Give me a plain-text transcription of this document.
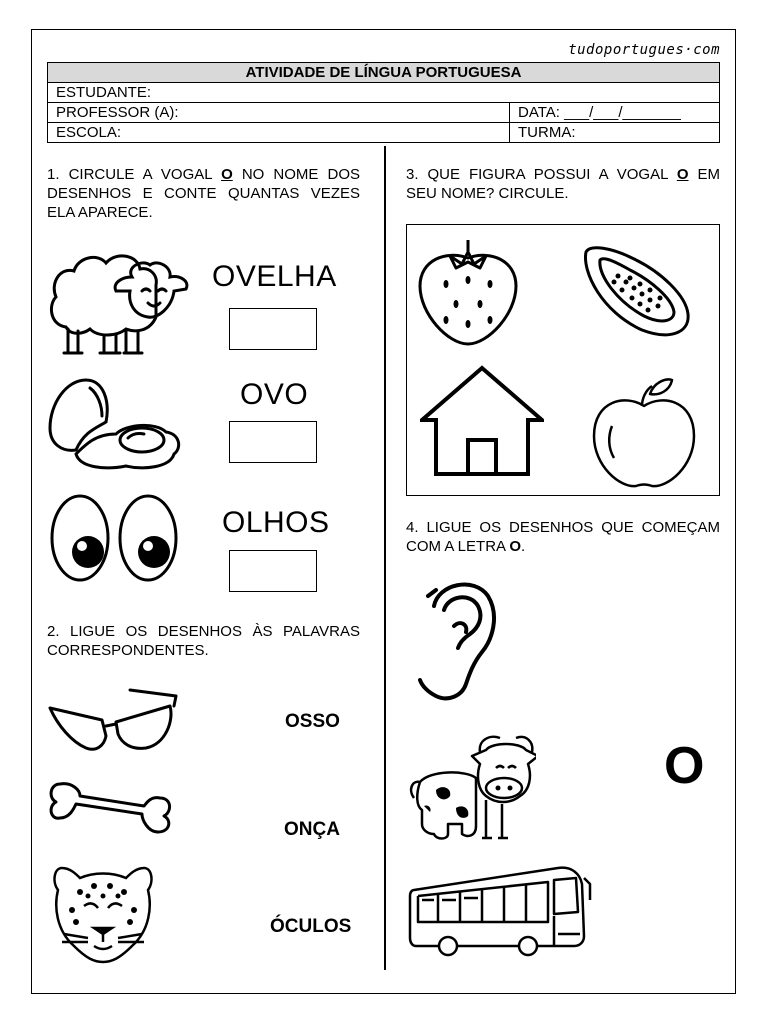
tudoportugues·com
ATIVIDADE DE LÍNGUA PORTUGUESA	
ESTUDANTE:	
PROFESSOR (A):	DATA: ___/___/_______
ESCOLA:	TURMA:
1. CIRCULE A VOGAL O NO NOME DOS DESENHOS E CONTE QUANTAS VEZES ELA APARECE.
OVELHA
OVO
OLHOS
2. LIGUE OS DESENHOS ÀS PALAVRAS CORRESPONDENTES.
OSSO
ONÇA
ÓCULOS
3. QUE FIGURA POSSUI A VOGAL O EM SEU NOME? CIRCULE.
4. LIGUE OS DESENHOS QUE COMEÇAM COM A LETRA O.
O
